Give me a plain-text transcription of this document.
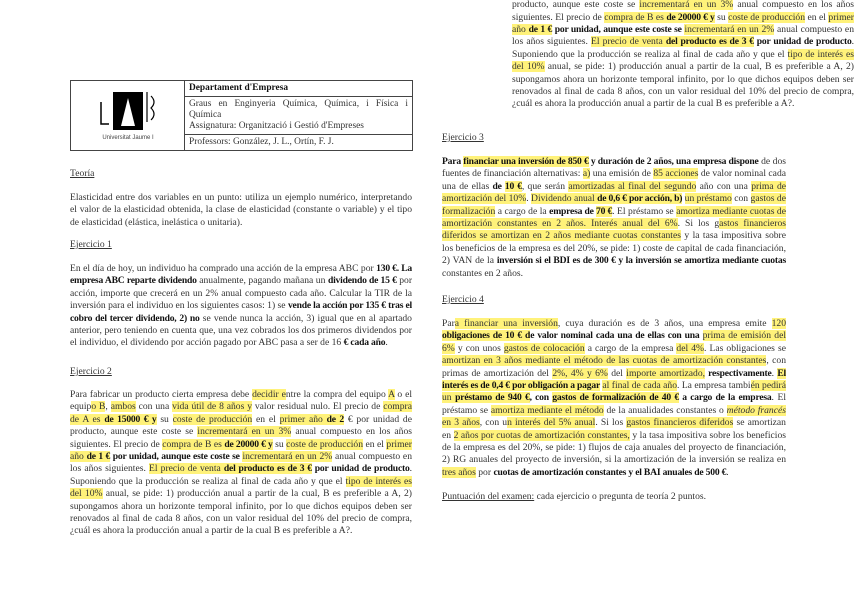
Universitat Jaume I
	Departament d'Empresa

Graus en Enginyeria Química, Química, i Física i Química
Assignatura: Organització i Gestió d'Empreses

Professors: González, J. L., Ortín, F. J.
Teoría
Elasticidad entre dos variables en un punto: utiliza un ejemplo numérico, interpretando el valor de la elasticidad obtenida, la clase de elasticidad (constante o variable) y el tipo de elasticidad (elástica, inelástica o unitaria).
Ejercicio 1
En el día de hoy, un individuo ha comprado una acción de la empresa ABC por 130 €. La empresa ABC reparte dividendo anualmente, pagando mañana un dividendo de 15 € por acción, importe que crecerá en un 2% anual compuesto cada año. Calcular la TIR de la inversión para el individuo en los siguientes casos: 1) se vende la acción por 135 € tras el cobro del tercer dividendo, 2) no se vende nunca la acción, 3) igual que en al apartado anterior, pero teniendo en cuenta que, una vez cobrados los dos primeros dividendos por el individuo, el dividendo por acción pagado por ABC pasa a ser de 16 € cada año.
Ejercicio 2
Para fabricar un producto cierta empresa debe decidir entre la compra del equipo A o el equipo B, ambos con una vida útil de 8 años y valor residual nulo. El precio de compra de A es de 15000 € y su coste de producción en el primer año de 2 € por unidad de producto, aunque este coste se incrementará en un 3% anual compuesto en los años siguientes. El precio de compra de B es de 20000 € y su coste de producción en el primer año de 1 € por unidad, aunque este coste se incrementará en un 2% anual compuesto en los años siguientes. El precio de venta del producto es de 3 € por unidad de producto. Suponiendo que la producción se realiza al final de cada año y que el tipo de interés es del 10% anual, se pide: 1) producción anual a partir de la cual, B es preferible a A, 2) supongamos ahora un horizonte temporal infinito, por lo que dichos equipos deben ser renovados al final de cada 8 años, con un valor residual del 10% del precio de compra, ¿cuál es ahora la producción anual a partir de la cual B es preferible a A?.
producto, aunque este coste se incrementará en un 3% anual compuesto en los años siguientes. El precio de compra de B es de 20000 € y su coste de producción en el primer año de 1 € por unidad, aunque este coste se incrementará en un 2% anual compuesto en los años siguientes. El precio de venta del producto es de 3 € por unidad de producto. Suponiendo que la producción se realiza al final de cada año y que el tipo de interés es del 10% anual, se pide: 1) producción anual a partir de la cual, B es preferible a A, 2) supongamos ahora un horizonte temporal infinito, por lo que dichos equipos deben ser renovados al final de cada 8 años, con un valor residual del 10% del precio de compra, ¿cuál es ahora la producción anual a partir de la cual B es preferible a A?.
Ejercicio 3
Para financiar una inversión de 850 € y duración de 2 años, una empresa dispone de dos fuentes de financiación alternativas: a) una emisión de 85 acciones de valor nominal cada una de ellas de 10 €, que serán amortizadas al final del segundo año con una prima de amortización del 10%. Dividendo anual de 0,6 € por acción, b) un préstamo con gastos de formalización a cargo de la empresa de 70 €. El préstamo se amortiza mediante cuotas de amortización constantes en 2 años. Interés anual del 6%. Si los gastos financieros diferidos se amortizan en 2 años mediante cuotas constantes y la tasa impositiva sobre los beneficios de la empresa es del 20%, se pide: 1) coste de capital de cada financiación, 2) VAN de la inversión si el BDI es de 300 € y la inversión se amortiza mediante cuotas constantes en 2 años.
Ejercicio 4
Para financiar una inversión, cuya duración es de 3 años, una empresa emite 120 obligaciones de 10 € de valor nominal cada una de ellas con una prima de emisión del 6% y con unos gastos de colocación a cargo de la empresa del 4%. Las obligaciones se amortizan en 3 años mediante el método de las cuotas de amortización constantes, con primas de amortización del 2%, 4% y 6% del importe amortizado, respectivamente. El interés es de 0,4 € por obligación a pagar al final de cada año. La empresa también pedirá un préstamo de 940 €, con gastos de formalización de 40 € a cargo de la empresa. El préstamo se amortiza mediante el método de la anualidades constantes o método francés en 3 años, con un interés del 5% anual. Si los gastos financieros diferidos se amortizan en 2 años por cuotas de amortización constantes, y la tasa impositiva sobre los beneficios de la empresa es del 20%, se pide: 1) flujos de caja anuales del proyecto de financiación, 2) RG anuales del proyecto de inversión, si la amortización de la inversión se realiza en tres años por cuotas de amortización constantes y el BAI anuales de 500 €.
Puntuación del examen: cada ejercicio o pregunta de teoría 2 puntos.
